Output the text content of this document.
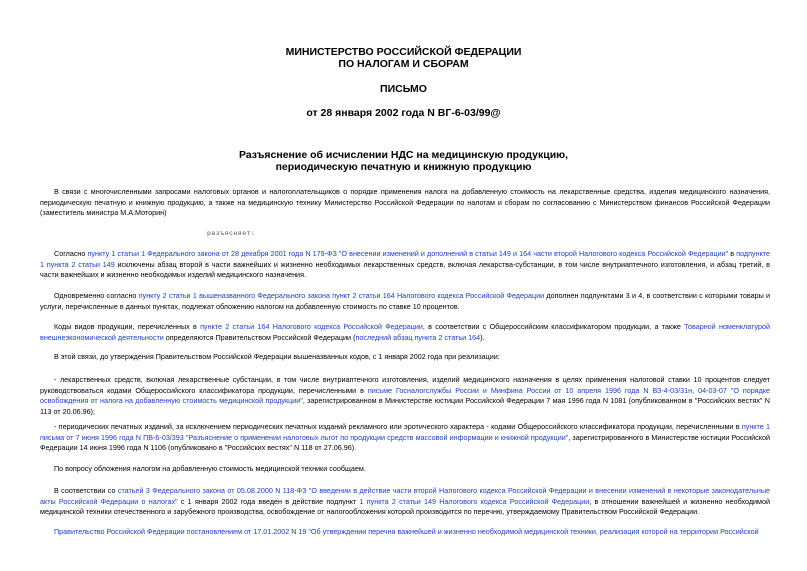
МИНИСТЕРСТВО РОССИЙСКОЙ ФЕДЕРАЦИИ
ПО НАЛОГАМ И СБОРАМ
ПИСЬМО
от 28 января 2002 года N ВГ-6-03/99@
Разъяснение об исчислении НДС на медицинскую продукцию,
периодическую печатную и книжную продукцию
В связи с многочисленными запросами налоговых органов и налогоплательщиков о порядке применения налога на добавленную стоимость на лекарственные средства, изделия медицинского назначения, периодическую печатную и книжную продукцию, а также на медицинскую технику Министерство Российской Федерации по налогам и сборам по согласованию с Министерством финансов Российской Федерации (заместитель министра М.А.Моторин)
разъясняет:
Согласно пункту 1 статьи 1 Федерального закона от 28 декабря 2001 года N 179-ФЗ "О внесении изменений и дополнений в статьи 149 и 164 части второй Налогового кодекса Российской Федерации" в подпункте 1 пункта 2 статьи 149 исключены абзац второй в части важнейших и жизненно необходимых лекарственных средств, включая лекарства-субстанции, в том числе внутриаптечного изготовления, и абзац третий, в части важнейших и жизненно необходимых изделий медицинского назначения.
Одновременно согласно пункту 2 статьи 1 вышеназванного Федерального закона пункт 2 статьи 164 Налогового кодекса Российской Федерации дополнен подпунктами 3 и 4, в соответствии с которыми товары и услуги, перечисленные в данных пунктах, подлежат обложению налогом на добавленную стоимость по ставке 10 процентов.
Коды видов продукции, перечисленных в пункте 2 статьи 164 Налогового кодекса Российской Федерации, в соответствии с Общероссийским классификатором продукции, а также Товарной номенклатурой внешнеэкономической деятельности определяются Правительством Российской Федерации (последний абзац пункта 2 статьи 164).
В этой связи, до утверждения Правительством Российской Федерации вышеназванных кодов, с 1 января 2002 года при реализации:
- лекарственных средств, включая лекарственные субстанции, в том числе внутриаптечного изготовления, изделий медицинского назначения в целях применения налоговой ставки 10 процентов следует руководствоваться кодами Общероссийского классификатора продукции, перечисленными в письме Госналогслужбы России и Минфина России от 10 апреля 1996 года N ВЗ-4-03/31н, 04-03-07 "О порядке освобождения от налога на добавленную стоимость медицинской продукции", зарегистрированном в Министерстве юстиции Российской Федерации 7 мая 1996 года N 1081 (опубликованном в "Российских вестях" N 113 от 20.06.96);
- периодических печатных изданий, за исключением периодических печатных изданий рекламного или эротического характера - кодами Общероссийского классификатора продукции, перечисленными в пункте 1 письма от 7 июня 1996 года N ПВ-6-03/393 "Разъяснение о применении налоговых льгот по продукции средств массовой информации и книжной продукции", зарегистрированного в Министерстве юстиции Российской Федерации 14 июня 1996 года N 1106 (опубликовано в "Российских вестях" N 118 от 27.06.96).
По вопросу обложения налогом на добавленную стоимость медицинской техники сообщаем.
В соответствии со статьей 3 Федерального закона от 05.08.2000 N 118-ФЗ "О введении в действие части второй Налогового кодекса Российской Федерации и внесении изменений в некоторые законодательные акты Российской Федерации о налогах" с 1 января 2002 года введен в действие подпункт 1 пункта 2 статьи 149 Налогового кодекса Российской Федерации, в отношении важнейшей и жизненно необходимой медицинской техники отечественного и зарубежного производства, освобождение от налогообложения которой производится по перечню, утверждаемому Правительством Российской Федерации.
Правительство Российской Федерации постановлением от 17.01.2002 N 19 "Об утверждении перечня важнейшей и жизненно необходимой медицинской техники, реализация которой на территории Российской
